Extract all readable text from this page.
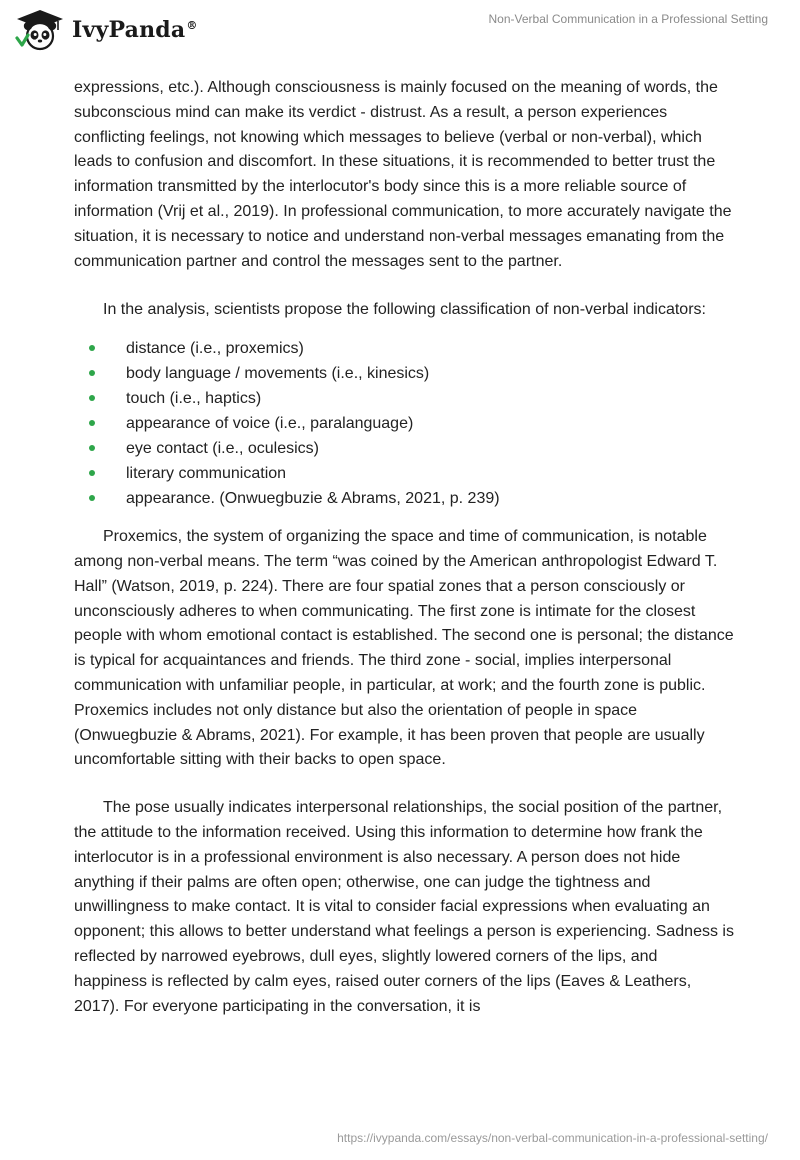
IvyPanda®	Non-Verbal Communication in a Professional Setting

expressions, etc.). Although consciousness is mainly focused on the meaning of words, the subconscious mind can make its verdict - distrust. As a result, a person experiences conflicting feelings, not knowing which messages to believe (verbal or non-verbal), which leads to confusion and discomfort. In these situations, it is recommended to better trust the information transmitted by the interlocutor's body since this is a more reliable source of information (Vrij et al., 2019). In professional communication, to more accurately navigate the situation, it is necessary to notice and understand non-verbal messages emanating from the communication partner and control the messages sent to the partner.

In the analysis, scientists propose the following classification of non-verbal indicators:

distance (i.e., proxemics)
body language / movements (i.e., kinesics)
touch (i.e., haptics)
appearance of voice (i.e., paralanguage)
eye contact (i.e., oculesics)
literary communication
appearance. (Onwuegbuzie & Abrams, 2021, p. 239)

Proxemics, the system of organizing the space and time of communication, is notable among non-verbal means. The term “was coined by the American anthropologist Edward T. Hall” (Watson, 2019, p. 224). There are four spatial zones that a person consciously or unconsciously adheres to when communicating. The first zone is intimate for the closest people with whom emotional contact is established. The second one is personal; the distance is typical for acquaintances and friends. The third zone - social, implies interpersonal communication with unfamiliar people, in particular, at work; and the fourth zone is public. Proxemics includes not only distance but also the orientation of people in space (Onwuegbuzie & Abrams, 2021). For example, it has been proven that people are usually uncomfortable sitting with their backs to open space.

The pose usually indicates interpersonal relationships, the social position of the partner, the attitude to the information received. Using this information to determine how frank the interlocutor is in a professional environment is also necessary. A person does not hide anything if their palms are often open; otherwise, one can judge the tightness and unwillingness to make contact. It is vital to consider facial expressions when evaluating an opponent; this allows to better understand what feelings a person is experiencing. Sadness is reflected by narrowed eyebrows, dull eyes, slightly lowered corners of the lips, and happiness is reflected by calm eyes, raised outer corners of the lips (Eaves & Leathers, 2017). For everyone participating in the conversation, it is

https://ivypanda.com/essays/non-verbal-communication-in-a-professional-setting/
